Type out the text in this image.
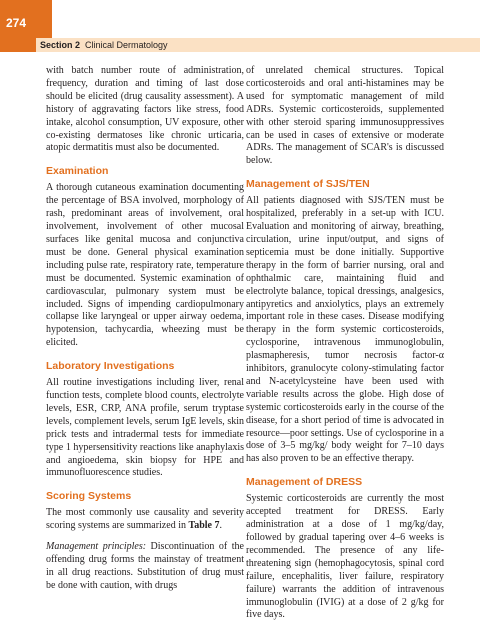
274
Section 2 Clinical Dermatology

with batch number route of administration, frequency, duration and timing of last dose should be elicited (drug causality assessment). A history of aggravating factors like stress, food intake, alcohol consumption, UV exposure, other co-existing dermatoses like chronic urticaria, atopic dermatitis must also be documented.

Examination

A thorough cutaneous examination documenting the percentage of BSA involved, morphology of rash, predominant areas of involvement, oral involvement, involvement of other mucosal surfaces like genital mucosa and conjunctiva must be done. General physical examination including pulse rate, respiratory rate, temperature must be documented. Systemic examination of cardiovascular, pulmonary system must be included. Signs of impending cardiopulmonary collapse like laryngeal or upper airway oedema, hypotension, tachycardia, wheezing must be elicited.

Laboratory Investigations

All routine investigations including liver, renal function tests, complete blood counts, electrolyte levels, ESR, CRP, ANA profile, serum tryptase levels, complement levels, serum IgE levels, skin prick tests and intradermal tests for immediate type 1 hypersensitivity reactions like anaphylaxis and angioedema, skin biopsy for HPE and immunofluorescence studies.

Scoring Systems

The most commonly use causality and severity scoring systems are summarized in Table 7.

Management principles: Discontinuation of the offending drug forms the mainstay of treatment in all drug reactions. Substitution of drug must be done with caution, with drugs

of unrelated chemical structures. Topical corticosteroids and oral anti-histamines may be used for symptomatic management of mild ADRs. Systemic corticosteroids, supplemented with other steroid sparing immunosuppressives can be used in cases of extensive or moderate ADRs. The management of SCAR's is discussed below.

Management of SJS/TEN

All patients diagnosed with SJS/TEN must be hospitalized, preferably in a set-up with ICU. Evaluation and monitoring of airway, breathing, circulation, urine input/output, and signs of septicemia must be done initially. Supportive therapy in the form of barrier nursing, oral and ophthalmic care, maintaining fluid and electrolyte balance, topical dressings, analgesics, antipyretics and anxiolytics, plays an extremely important role in these cases. Disease modifying therapy in the form systemic corticosteroids, cyclosporine, intravenous immunoglobulin, plasmapheresis, tumor necrosis factor-α inhibitors, granulocyte colony-stimulating factor and N-acetylcysteine have been used with variable results across the globe. High dose of systemic corticosteroids early in the course of the disease, for a short period of time is advocated in resource—poor settings. Use of cyclosporine in a dose of 3–5 mg/kg/ body weight for 7–10 days has also proven to be an effective therapy.

Management of DRESS

Systemic corticosteroids are currently the most accepted treatment for DRESS. Early administration at a dose of 1 mg/kg/day, followed by gradual tapering over 4–6 weeks is recommended. The presence of any life-threatening sign (hemophagocytosis, spinal cord failure, encephalitis, liver failure, respiratory failure) warrants the addition of intravenous immunoglobulin (IVIG) at a dose of 2 g/kg for five days.
